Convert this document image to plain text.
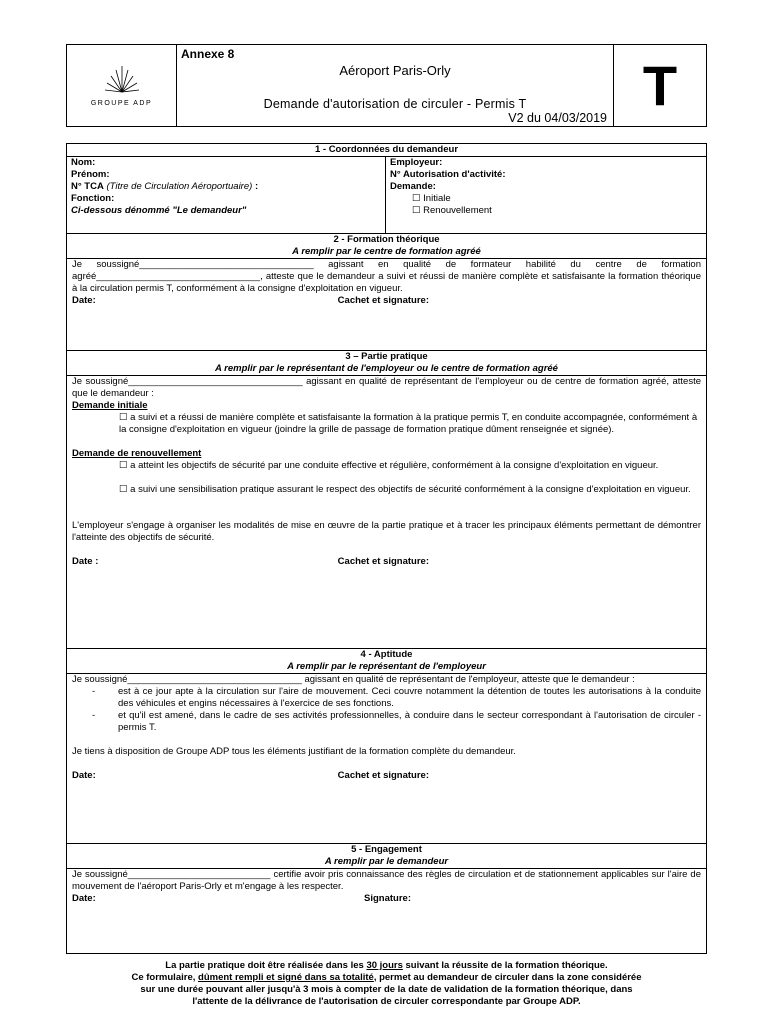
GROUPE ADP
Annexe 8
Aéroport Paris-Orly
Demande d'autorisation de circuler - Permis T
V2 du 04/03/2019
T
1 - Coordonnées du demandeur
Nom:
Prénom:
N° TCA (Titre de Circulation Aéroportuaire) :
Fonction:
Ci-dessous dénommé "Le demandeur"
Employeur:
N° Autorisation d'activité:
Demande:
☐ Initiale
☐ Renouvellement
2 - Formation théorique
A remplir par le centre de formation agréé
Je soussigné_________________________________ agissant en qualité de formateur habilité du centre de formation agréé_______________________________, atteste que le demandeur a suivi et réussi de manière complète et satisfaisante la formation théorique à la circulation permis T, conformément à la consigne d'exploitation en vigueur.
Date:	Cachet et signature:
3 – Partie pratique
A remplir par le représentant de l'employeur ou le centre de formation agréé
Je soussigné_________________________________ agissant en qualité de représentant de l'employeur ou de centre de formation agréé, atteste que le demandeur :
Demande initiale
☐ a suivi et a réussi de manière complète et satisfaisante la formation à la pratique permis T, en conduite accompagnée, conformément à la consigne d'exploitation en vigueur (joindre la grille de passage de formation pratique dûment renseignée et signée).
Demande de renouvellement
☐ a atteint les objectifs de sécurité par une conduite effective et régulière, conformément à la consigne d'exploitation en vigueur.
☐ a suivi une sensibilisation pratique assurant le respect des objectifs de sécurité conformément à la consigne d'exploitation en vigueur.
L'employeur s'engage à organiser les modalités de mise en œuvre de la partie pratique et à tracer les principaux éléments permettant de démontrer l'atteinte des objectifs de sécurité.
Date :	Cachet et signature:
4 - Aptitude
A remplir par le représentant de l'employeur
Je soussigné_________________________________ agissant en qualité de représentant de l'employeur, atteste que le demandeur :
-	est à ce jour apte à la circulation sur l'aire de mouvement. Ceci couvre notamment la détention de toutes les autorisations à la conduite des véhicules et engins nécessaires à l'exercice de ses fonctions.
-	et qu'il est amené, dans le cadre de ses activités professionnelles, à conduire dans le secteur correspondant à l'autorisation de circuler - permis T.
Je tiens à disposition de Groupe ADP tous les éléments justifiant de la formation complète du demandeur.
Date:	Cachet et signature:
5 - Engagement
A remplir par le demandeur
Je soussigné___________________________ certifie avoir pris connaissance des règles de circulation et de stationnement applicables sur l'aire de mouvement de l'aéroport Paris-Orly et m'engage à les respecter.
Date:	Signature:
La partie pratique doit être réalisée dans les 30 jours suivant la réussite de la formation théorique.
Ce formulaire, dûment rempli et signé dans sa totalité, permet au demandeur de circuler dans la zone considérée
sur une durée pouvant aller jusqu'à 3 mois à compter de la date de validation de la formation théorique, dans
l'attente de la délivrance de l'autorisation de circuler correspondante par Groupe ADP.
